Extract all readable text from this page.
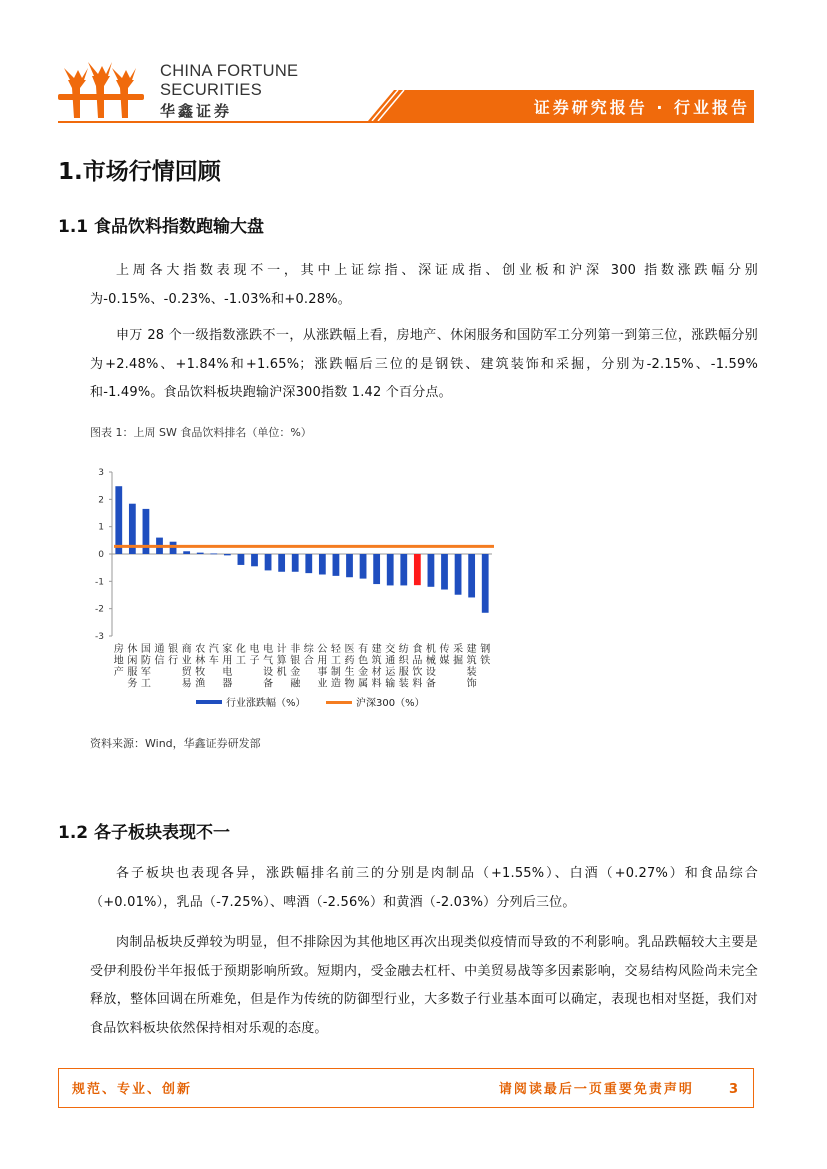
CHINA FORTUNE
SECURITIES
华鑫证券	证券研究报告 · 行业报告
1.市场行情回顾
1.1 食品饮料指数跑输大盘
上周各大指数表现不一，其中上证综指、深证成指、创业板和沪深 300 指数涨跌幅分别为-0.15%、-0.23%、-1.03%和+0.28%。
申万 28 个一级指数涨跌不一，从涨跌幅上看，房地产、休闲服务和国防军工分列第一到第三位，涨跌幅分别为+2.48%、+1.84%和+1.65%；涨跌幅后三位的是钢铁、建筑装饰和采掘，分别为-2.15%、-1.59%和-1.49%。食品饮料板块跑输沪深300指数 1.42 个百分点。
图表 1：上周 SW 食品饮料排名（单位：%）
3
2
1
0
-1
-2
-3
房地产
休闲服务
国防军工
通信
银行
商业贸易
农林牧渔
汽车
家用电器
化工
电子
电气设备
计算机
非银金融
综合
公用事业
轻工制造
医药生物
有色金属
建筑材料
交通运输
纺织服装
食品饮料
机械设备
传媒
采掘
建筑装饰
钢铁
行业涨跌幅（%）	沪深300（%）
资料来源：Wind，华鑫证券研发部
1.2 各子板块表现不一
各子板块也表现各异，涨跌幅排名前三的分别是肉制品（+1.55%）、白酒（+0.27%）和食品综合（+0.01%），乳品（-7.25%）、啤酒（-2.56%）和黄酒（-2.03%）分列后三位。
肉制品板块反弹较为明显，但不排除因为其他地区再次出现类似疫情而导致的不利影响。乳品跌幅较大主要是受伊利股份半年报低于预期影响所致。短期内，受金融去杠杆、中美贸易战等多因素影响，交易结构风险尚未完全释放，整体回调在所难免，但是作为传统的防御型行业，大多数子行业基本面可以确定，表现也相对坚挺，我们对食品饮料板块依然保持相对乐观的态度。
规范、专业、创新	请阅读最后一页重要免责声明	3
